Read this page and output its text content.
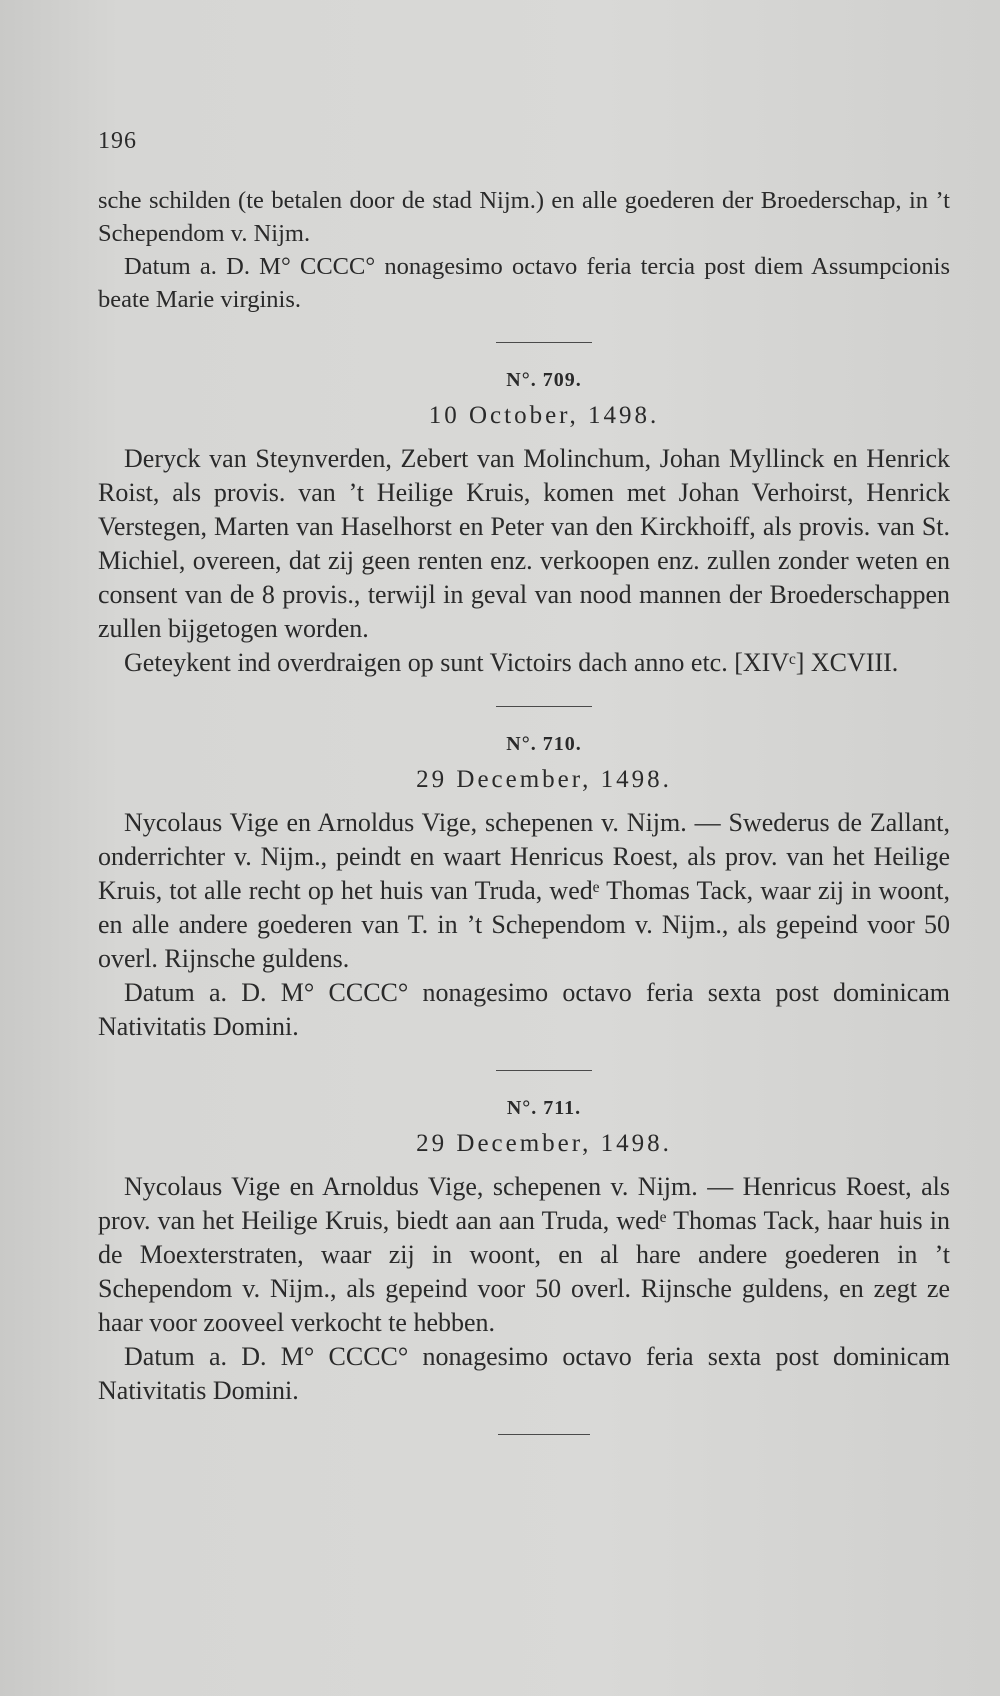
196

sche schilden (te betalen door de stad Nijm.) en alle goederen der Broederschap, in ’t Schependom v. Nijm.

Datum a. D. M° CCCC° nonagesimo octavo feria tercia post diem Assumpcionis beate Marie virginis.

N°. 709.
10 October, 1498.

Deryck van Steynverden, Zebert van Molinchum, Johan Myllinck en Henrick Roist, als provis. van ’t Heilige Kruis, komen met Johan Verhoirst, Henrick Verstegen, Marten van Haselhorst en Peter van den Kirckhoiff, als provis. van St. Michiel, overeen, dat zij geen renten enz. verkoopen enz. zullen zonder weten en consent van de 8 provis., terwijl in geval van nood mannen der Broederschappen zullen bijgetogen worden.

Geteykent ind overdraigen op sunt Victoirs dach anno etc. [XIVᶜ] XCVIII.

N°. 710.
29 December, 1498.

Nycolaus Vige en Arnoldus Vige, schepenen v. Nijm. — Swederus de Zallant, onderrichter v. Nijm., peindt en waart Henricus Roest, als prov. van het Heilige Kruis, tot alle recht op het huis van Truda, wedᵉ Thomas Tack, waar zij in woont, en alle andere goederen van T. in ’t Schependom v. Nijm., als gepeind voor 50 overl. Rijnsche guldens.

Datum a. D. M° CCCC° nonagesimo octavo feria sexta post dominicam Nativitatis Domini.

N°. 711.
29 December, 1498.

Nycolaus Vige en Arnoldus Vige, schepenen v. Nijm. — Henricus Roest, als prov. van het Heilige Kruis, biedt aan aan Truda, wedᵉ Thomas Tack, haar huis in de Moexterstraten, waar zij in woont, en al hare andere goederen in ’t Schependom v. Nijm., als gepeind voor 50 overl. Rijnsche guldens, en zegt ze haar voor zooveel verkocht te hebben.

Datum a. D. M° CCCC° nonagesimo octavo feria sexta post dominicam Nativitatis Domini.
